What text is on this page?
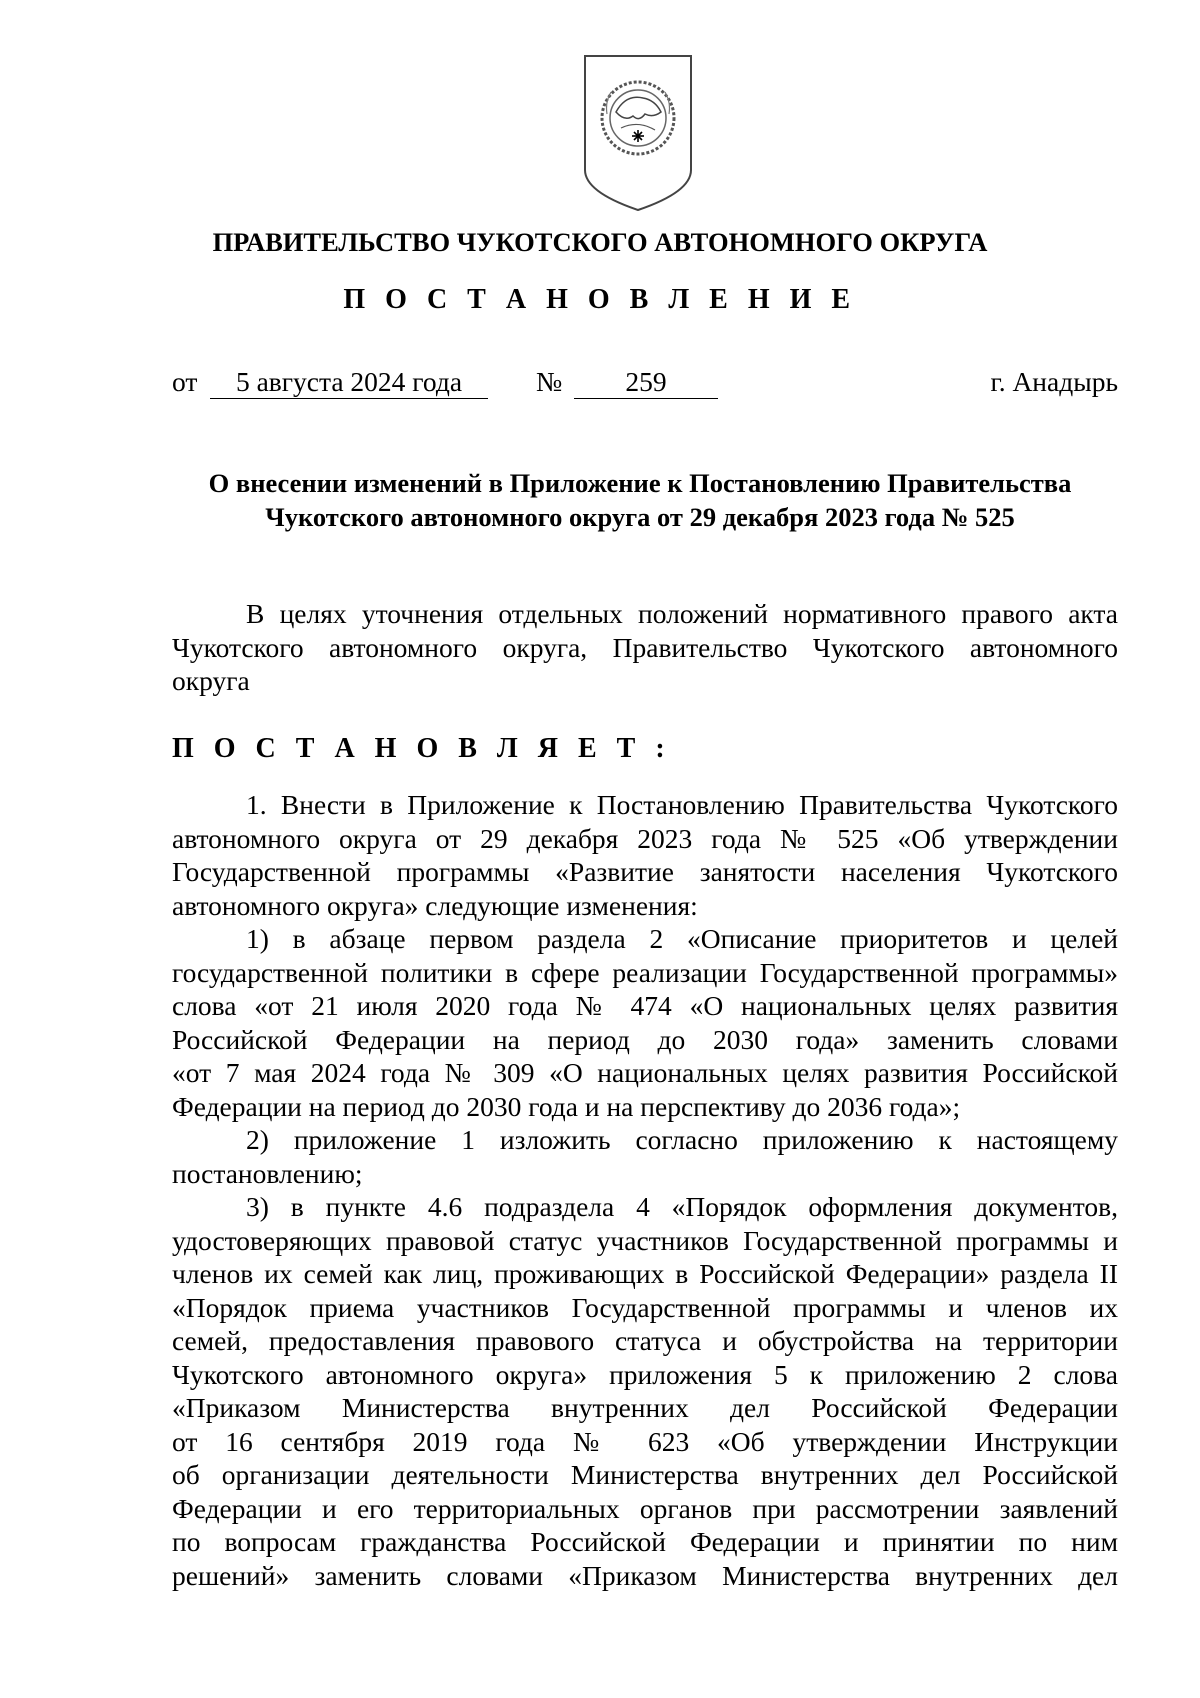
ПРАВИТЕЛЬСТВО ЧУКОТСКОГО АВТОНОМНОГО ОКРУГА
П О С Т А Н О В Л Е Н И Е
от	5 августа 2024 года	№	259	г. Анадырь
О внесении изменений в Приложение к Постановлению Правительства
Чукотского автономного округа от 29 декабря 2023 года № 525
В целях уточнения отдельных положений нормативного правого акта
Чукотского автономного округа, Правительство Чукотского автономного
округа
П О С Т А Н О В Л Я Е Т :
1. Внести в Приложение к Постановлению Правительства Чукотского
автономного округа от 29 декабря 2023 года № 525 «Об утверждении
Государственной программы «Развитие занятости населения Чукотского
автономного округа» следующие изменения:
1) в абзаце первом раздела 2 «Описание приоритетов и целей
государственной политики в сфере реализации Государственной программы»
слова «от 21 июля 2020 года № 474 «О национальных целях развития
Российской Федерации на период до 2030 года» заменить словами
«от 7 мая 2024 года № 309 «О национальных целях развития Российской
Федерации на период до 2030 года и на перспективу до 2036 года»;
2) приложение 1 изложить согласно приложению к настоящему
постановлению;
3) в пункте 4.6 подраздела 4 «Порядок оформления документов,
удостоверяющих правовой статус участников Государственной программы и
членов их семей как лиц, проживающих в Российской Федерации» раздела II
«Порядок приема участников Государственной программы и членов их
семей, предоставления правового статуса и обустройства на территории
Чукотского автономного округа» приложения 5 к приложению 2 слова
«Приказом Министерства внутренних дел Российской Федерации
от 16 сентября 2019 года № 623 «Об утверждении Инструкции
об организации деятельности Министерства внутренних дел Российской
Федерации и его территориальных органов при рассмотрении заявлений
по вопросам гражданства Российской Федерации и принятии по ним
решений» заменить словами «Приказом Министерства внутренних дел
